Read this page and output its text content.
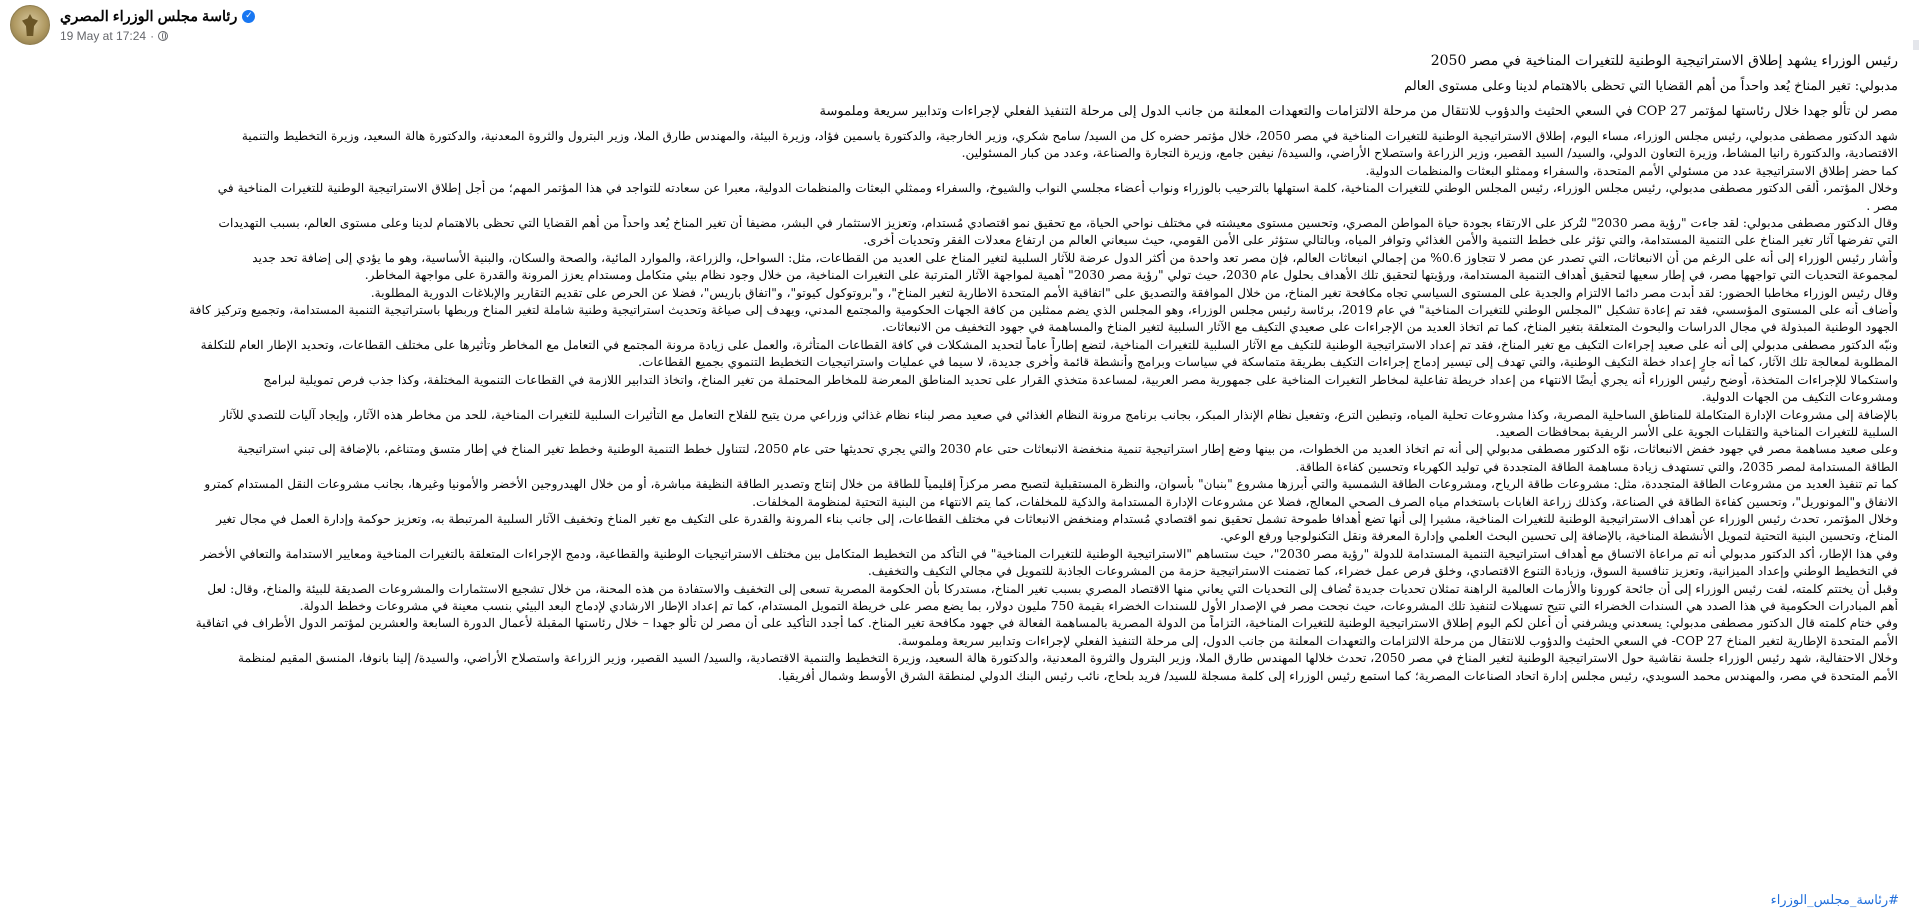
رئاسة مجلس الوزراء المصري ✓
19 May at 17:24 ·
رئيس الوزراء يشهد إطلاق الاستراتيجية الوطنية للتغيرات المناخية في مصر 2050
مدبولي: تغير المناخ يُعد واحداً من أهم القضايا التي تحظى بالاهتمام لدينا وعلى مستوى العالم
مصر لن تألو جهدا خلال رئاستها لمؤتمر COP 27 في السعي الحثيث والدؤوب للانتقال من مرحلة الالتزامات والتعهدات المعلنة من جانب الدول إلى مرحلة التنفيذ الفعلي لإجراءات وتدابير سريعة وملموسة
شهد الدكتور مصطفى مدبولي، رئيس مجلس الوزراء، مساء اليوم، إطلاق الاستراتيجية الوطنية للتغيرات المناخية في مصر 2050، خلال مؤتمر حضره كل من السيد/ سامح شكري، وزير الخارجية، والدكتورة ياسمين فؤاد، وزيرة البيئة، والمهندس طارق الملا، وزير البترول والثروة المعدنية، والدكتورة هالة السعيد، وزيرة التخطيط والتنمية
الاقتصادية، والدكتورة رانيا المشاط، وزيرة التعاون الدولي، والسيد/ السيد القصير، وزير الزراعة واستصلاح الأراضي، والسيدة/ نيفين جامع، وزيرة التجارة والصناعة، وعدد من كبار المسئولين.
كما حضر إطلاق الاستراتيجية عدد من مسئولي الأمم المتحدة، والسفراء وممثلو البعثات والمنظمات الدولية.
وخلال المؤتمر، ألقى الدكتور مصطفى مدبولي، رئيس مجلس الوزراء، رئيس المجلس الوطني للتغيرات المناخية، كلمة استهلها بالترحيب بالوزراء ونواب أعضاء مجلسي النواب والشيوخ، والسفراء وممثلي البعثات والمنظمات الدولية، معبرا عن سعادته للتواجد في هذا المؤتمر المهم؛ من أجل إطلاق الاستراتيجية الوطنية للتغيرات المناخية في
مصر .
وقال الدكتور مصطفى مدبولي: لقد جاءت "رؤية مصر 2030" لتُركز على الارتقاء بجودة حياة المواطن المصري، وتحسين مستوى معيشته في مختلف نواحي الحياة، مع تحقيق نمو اقتصادي مُستدام، وتعزيز الاستثمار في البشر، مضيفا أن تغير المناخ يُعد واحداً من أهم القضايا التي تحظى بالاهتمام لدينا وعلى مستوى العالم، بسبب التهديدات
التي تفرضها آثار تغير المناخ على التنمية المستدامة، والتي تؤثر على خطط التنمية والأمن الغذائي وتوافر المياه، وبالتالي ستؤثر على الأمن القومي، حيث سيعاني العالم من ارتفاع معدلات الفقر وتحديات أخرى.
وأشار رئيس الوزراء إلى أنه على الرغم من أن الانبعاثات، التي تصدر عن مصر لا تتجاوز 0.6% من إجمالي انبعاثات العالم، فإن مصر تعد واحدة من أكثر الدول عرضة للآثار السلبية لتغير المناخ على العديد من القطاعات، مثل: السواحل، والزراعة، والموارد المائية، والصحة والسكان، والبنية الأساسية، وهو ما يؤدي إلى إضافة تحد جديد
لمجموعة التحديات التي تواجهها مصر، في إطار سعيها لتحقيق أهداف التنمية المستدامة، ورؤيتها لتحقيق تلك الأهداف بحلول عام 2030، حيث تولي "رؤية مصر 2030" أهمية لمواجهة الآثار المترتبة على التغيرات المناخية، من خلال وجود نظام بيئي متكامل ومستدام يعزز المرونة والقدرة على مواجهة المخاطر.
وقال رئيس الوزراء مخاطبا الحضور: لقد أبدت مصر دائما الالتزام والجدية على المستوى السياسي تجاه مكافحة تغير المناخ، من خلال الموافقة والتصديق على "اتفاقية الأمم المتحدة الاطارية لتغير المناخ"، و"بروتوكول كيوتو"، و"اتفاق باريس"، فضلا عن الحرص على تقديم التقارير والإبلاغات الدورية المطلوبة.
وأضاف أنه على المستوى المؤسسي، فقد تم إعادة تشكيل "المجلس الوطني للتغيرات المناخية" في عام 2019، برئاسة رئيس مجلس الوزراء، وهو المجلس الذي يضم ممثلين من كافة الجهات الحكومية والمجتمع المدني، ويهدف إلى صياغة وتحديث استراتيجية وطنية شاملة لتغير المناخ وربطها باستراتيجية التنمية المستدامة، وتجميع وتركيز كافة
الجهود الوطنية المبذولة في مجال الدراسات والبحوث المتعلقة بتغير المناخ، كما تم اتخاذ العديد من الإجراءات على صعيدي التكيف مع الآثار السلبية لتغير المناخ والمساهمة في جهود التخفيف من الانبعاثات.
ونبّه الدكتور مصطفى مدبولي إلى أنه على صعيد إجراءات التكيف مع تغير المناخ، فقد تم إعداد الاستراتيجية الوطنية للتكيف مع الآثار السلبية للتغيرات المناخية، لتضع إطاراً عاماً لتحديد المشكلات في كافة القطاعات المتأثرة، والعمل على زيادة مرونة المجتمع في التعامل مع المخاطر وتأثيرها على مختلف القطاعات، وتحديد الإطار العام للتكلفة
المطلوبة لمعالجة تلك الآثار، كما أنه جارٍ إعداد خطة التكيف الوطنية، والتي تهدف إلى تيسير إدماج إجراءات التكيف بطريقة متماسكة في سياسات وبرامج وأنشطة قائمة وأخرى جديدة، لا سيما في عمليات واستراتيجيات التخطيط التنموي بجميع القطاعات.
واستكمالا للإجراءات المتخذة، أوضح رئيس الوزراء أنه يجري أيضًا الانتهاء من إعداد خريطة تفاعلية لمخاطر التغيرات المناخية على جمهورية مصر العربية، لمساعدة متخذي القرار على تحديد المناطق المعرضة للمخاطر المحتملة من تغير المناخ، واتخاذ التدابير اللازمة في القطاعات التنموية المختلفة، وكذا جذب فرص تمويلية لبرامج
ومشروعات التكيف من الجهات الدولية.
بالإضافة إلى مشروعات الإدارة المتكاملة للمناطق الساحلية المصرية، وكذا مشروعات تحلية المياه، وتبطين الترع، وتفعيل نظام الإنذار المبكر، بجانب برنامج مرونة النظام الغذائي في صعيد مصر لبناء نظام غذائي وزراعي مرن يتيح للفلاح التعامل مع التأثيرات السلبية للتغيرات المناخية، للحد من مخاطر هذه الآثار، وإيجاد آليات للتصدي للآثار
السلبية للتغيرات المناخية والتقلبات الجوية على الأسر الريفية بمحافظات الصعيد.
وعلى صعيد مساهمة مصر في جهود خفض الانبعاثات، نوّه الدكتور مصطفى مدبولي إلى أنه تم اتخاذ العديد من الخطوات، من بينها وضع إطار استراتيجية تنمية منخفضة الانبعاثات حتى عام 2030 والتي يجري تحديثها حتى عام 2050، لتتناول خطط التنمية الوطنية وخطط تغير المناخ في إطار متسق ومتناغم، بالإضافة إلى تبني استراتيجية
الطاقة المستدامة لمصر 2035، والتي تستهدف زيادة مساهمة الطاقة المتجددة في توليد الكهرباء وتحسين كفاءة الطاقة.
كما تم تنفيذ العديد من مشروعات الطاقة المتجددة، مثل: مشروعات طاقة الرياح، ومشروعات الطاقة الشمسية والتي أبرزها مشروع "بنبان" بأسوان، والنظرة المستقبلية لتصبح مصر مركزاً إقليمياً للطاقة من خلال إنتاج وتصدير الطاقة النظيفة مباشرة، أو من خلال الهيدروجين الأخضر والأمونيا وغيرها، بجانب مشروعات النقل المستدام كمترو
الانفاق و"المونوريل"، وتحسين كفاءة الطاقة في الصناعة، وكذلك زراعة الغابات باستخدام مياه الصرف الصحي المعالج، فضلا عن مشروعات الإدارة المستدامة والذكية للمخلفات، كما يتم الانتهاء من البنية التحتية لمنظومة المخلفات.
وخلال المؤتمر، تحدث رئيس الوزراء عن أهداف الاستراتيجية الوطنية للتغيرات المناخية، مشيرا إلى أنها تضع أهدافا طموحة تشمل تحقيق نمو اقتصادي مُستدام ومنخفض الانبعاثات في مختلف القطاعات، إلى جانب بناء المرونة والقدرة على التكيف مع تغير المناخ وتخفيف الآثار السلبية المرتبطة به، وتعزيز حوكمة وإدارة العمل في مجال تغير
المناخ، وتحسين البنية التحتية لتمويل الأنشطة المناخية، بالإضافة إلى تحسين البحث العلمي وإدارة المعرفة ونقل التكنولوجيا ورفع الوعي.
وفي هذا الإطار، أكد الدكتور مدبولي أنه تم مراعاة الاتساق مع أهداف استراتيجية التنمية المستدامة للدولة "رؤية مصر 2030"، حيث ستساهم "الاستراتيجية الوطنية للتغيرات المناخية" في التأكد من التخطيط المتكامل بين مختلف الاستراتيجيات الوطنية والقطاعية، ودمج الإجراءات المتعلقة بالتغيرات المناخية ومعايير الاستدامة والتعافي الأخضر
في التخطيط الوطني وإعداد الميزانية، وتعزيز تنافسية السوق، وزيادة التنوع الاقتصادي، وخلق فرص عمل خضراء، كما تضمنت الاستراتيجية حزمة من المشروعات الجاذبة للتمويل في مجالي التكيف والتخفيف.
وقبل أن يختتم كلمته، لفت رئيس الوزراء إلى أن جائحة كورونا والأزمات العالمية الراهنة تمثلان تحديات جديدة تُضاف إلى التحديات التي يعاني منها الاقتصاد المصري بسبب تغير المناخ، مستدركا بأن الحكومة المصرية تسعى إلى التخفيف والاستفادة من هذه المحنة، من خلال تشجيع الاستثمارات والمشروعات الصديقة للبيئة والمناخ، وقال: لعل
أهم المبادرات الحكومية في هذا الصدد هي السندات الخضراء التي تتيح تسهيلات لتنفيذ تلك المشروعات، حيث نجحت مصر في الإصدار الأول للسندات الخضراء بقيمة 750 مليون دولار، بما يضع مصر على خريطة التمويل المستدام، كما تم إعداد الإطار الارشادي لإدماج البعد البيئي بنسب معينة في مشروعات وخطط الدولة.
وفي ختام كلمته قال الدكتور مصطفى مدبولي: يسعدني ويشرفني أن أعلن لكم اليوم إطلاق الاستراتيجية الوطنية للتغيرات المناخية، التزاماً من الدولة المصرية بالمساهمة الفعالة في جهود مكافحة تغير المناخ. كما أجدد التأكيد على أن مصر لن تألو جهدا – خلال رئاستها المقبلة لأعمال الدورة السابعة والعشرين لمؤتمر الدول الأطراف في اتفاقية
الأمم المتحدة الإطارية لتغير المناخ COP 27- في السعي الحثيث والدؤوب للانتقال من مرحلة الالتزامات والتعهدات المعلنة من جانب الدول، إلى مرحلة التنفيذ الفعلي لإجراءات وتدابير سريعة وملموسة.
وخلال الاحتفالية، شهد رئيس الوزراء جلسة نقاشية حول الاستراتيجية الوطنية لتغير المناخ في مصر 2050، تحدث خلالها المهندس طارق الملا، وزير البترول والثروة المعدنية، والدكتورة هالة السعيد، وزيرة التخطيط والتنمية الاقتصادية، والسيد/ السيد القصير، وزير الزراعة واستصلاح الأراضي، والسيدة/ إلينا بانوفا، المنسق المقيم لمنظمة
الأمم المتحدة في مصر، والمهندس محمد السويدي، رئيس مجلس إدارة اتحاد الصناعات المصرية؛ كما استمع رئيس الوزراء إلى كلمة مسجلة للسيد/ فريد بلحاج، نائب رئيس البنك الدولي لمنطقة الشرق الأوسط وشمال أفريقيا.
#رئاسة_مجلس_الوزراء
